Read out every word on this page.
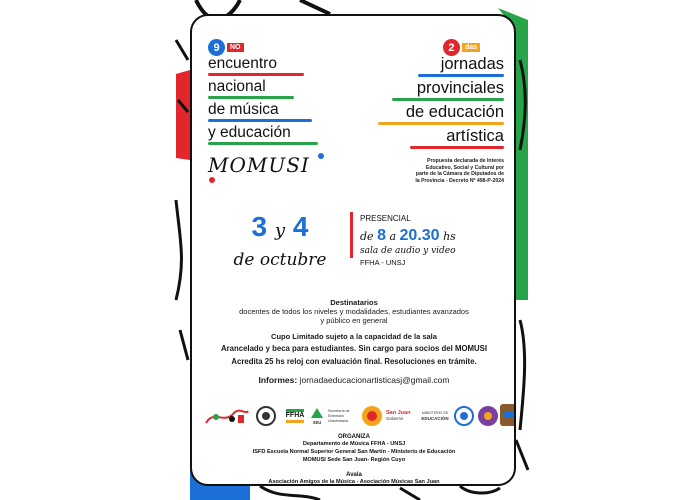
9	NO
encuentro
nacional
de música
y educación
MOMUSI
2	das
jornadas
provinciales
de educación
artística
Propuesta declarada de Interés
Educativo, Social y Cultural por
parte de la Cámara de Diputados de
la Provincia - Decreto Nº 498-P-2024
3 y 4
de octubre
PRESENCIAL
de 8 a 20.30 hs
sala de audio y video
FFHA - UNSJ
Destinatarios
docentes de todos los niveles y modalidades, estudiantes avanzados
y público en general
Cupo Limitado sujeto a la capacidad de la sala
Arancelado y beca para estudiantes. Sin cargo para socios del MOMUSI
Acredita 25 hs reloj con evaluación final. Resoluciones en trámite.
Informes: jornadaeducacionartisticasj@gmail.com
FFHA
SEU
Secretaría de Extensión Universitaria
San Juan
Gobierno
MINISTERIO DE
EDUCACIÓN
ORGANIZA
Departamento de Música FFHA - UNSJ
ISFD Escuela Normal Superior General San Martín - Ministerio de Educación
MOMUSI Sede San Juan- Región Cuyo
Avala
Asociación Amigos de la Música - Asociación Músicas San Juan
